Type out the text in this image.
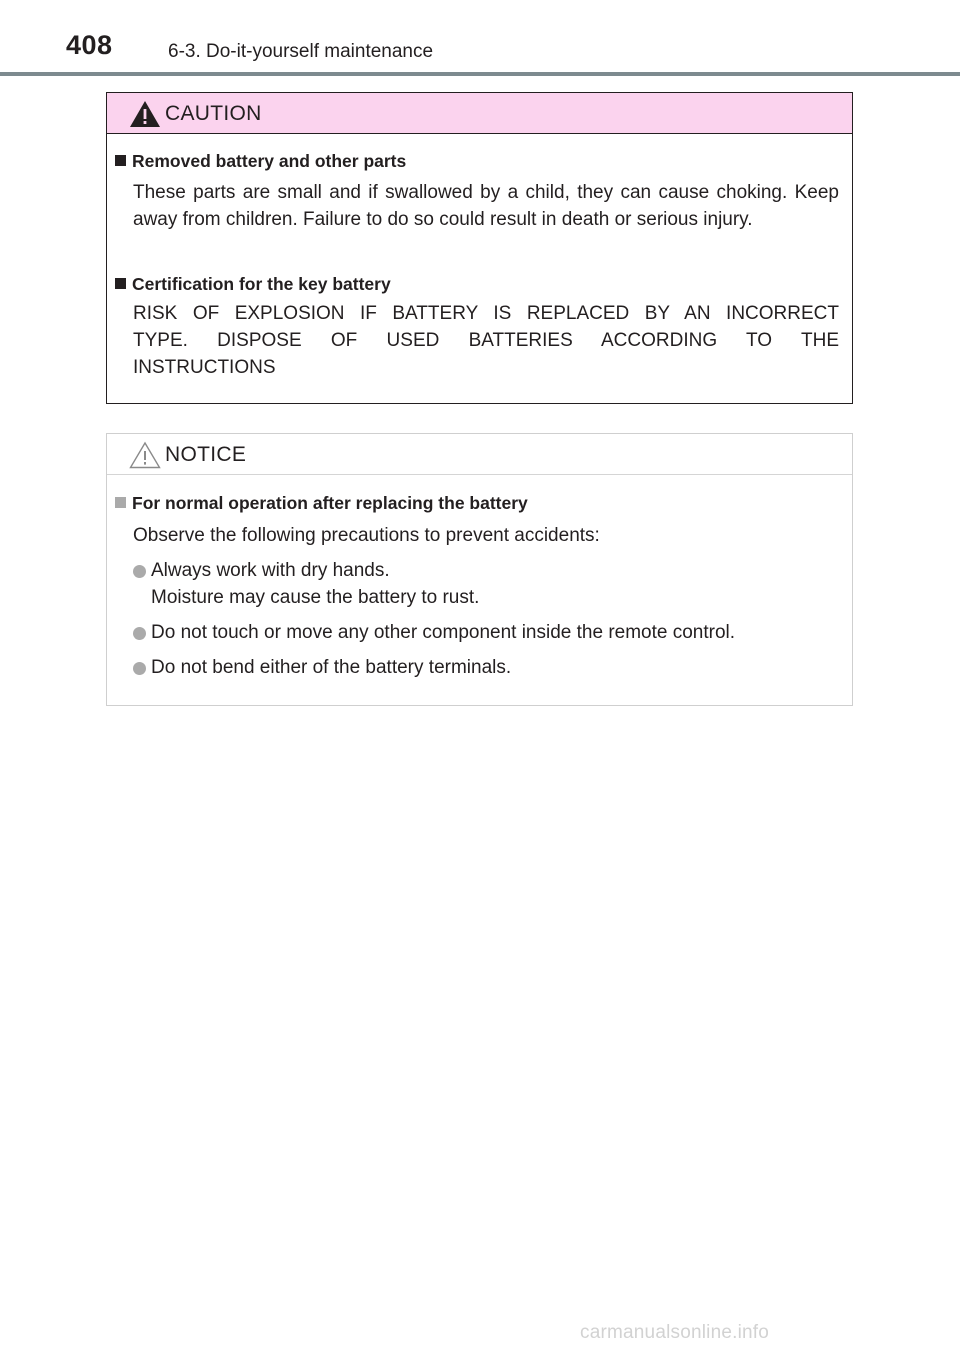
408	6-3. Do-it-yourself maintenance
CAUTION
Removed battery and other parts
These parts are small and if swallowed by a child, they can cause choking. Keep away from children. Failure to do so could result in death or serious injury.
Certification for the key battery
RISK OF EXPLOSION IF BATTERY IS REPLACED BY AN INCORRECT
TYPE. DISPOSE OF USED BATTERIES ACCORDING TO THE
INSTRUCTIONS
NOTICE
For normal operation after replacing the battery
Observe the following precautions to prevent accidents:
Always work with dry hands.
Moisture may cause the battery to rust.
Do not touch or move any other component inside the remote control.
Do not bend either of the battery terminals.
carmanualsonline.info
